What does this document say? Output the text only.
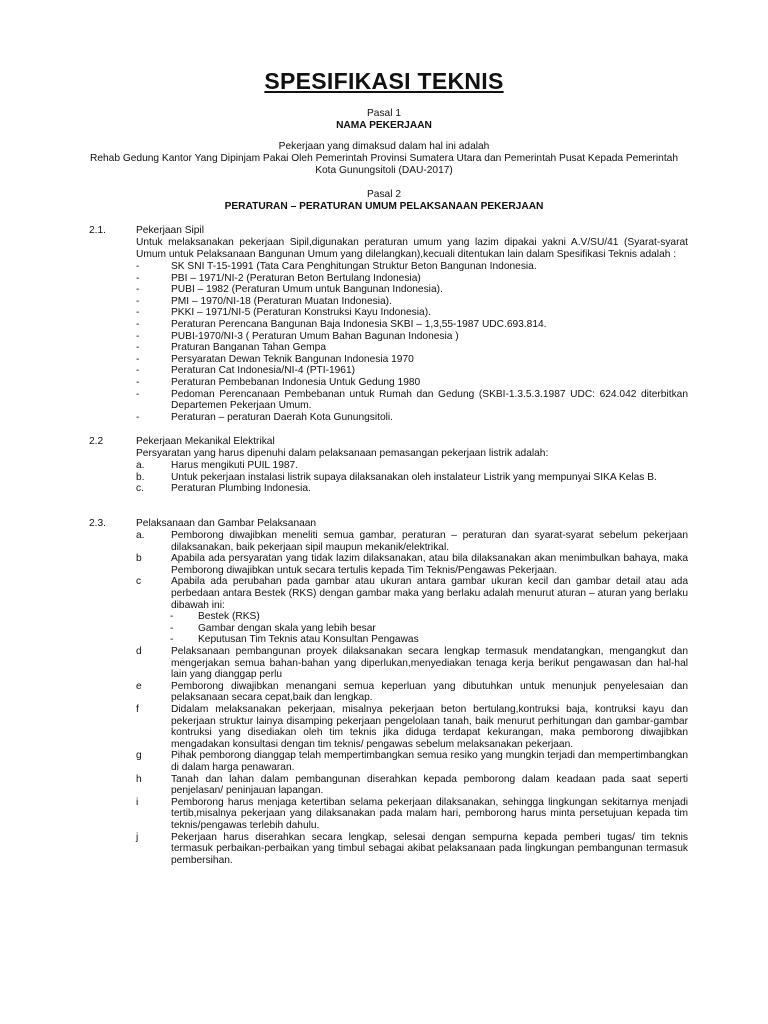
SPESIFIKASI TEKNIS
Pasal 1
NAMA PEKERJAAN
Pekerjaan yang dimaksud dalam hal ini adalah
Rehab Gedung Kantor Yang Dipinjam Pakai Oleh Pemerintah Provinsi Sumatera Utara dan Pemerintah Pusat Kepada Pemerintah
Kota Gunungsitoli (DAU-2017)
Pasal 2
PERATURAN – PERATURAN UMUM PELAKSANAAN PEKERJAAN
2.1.	Pekerjaan Sipil
Untuk melaksanakan pekerjaan Sipil,digunakan peraturan umum yang lazim dipakai yakni A.V/SU/41 (Syarat-syarat Umum untuk Pelaksanaan Bangunan Umum yang dilelangkan),kecuali ditentukan lain dalam Spesifikasi Teknis adalah :
-	SK SNI T-15-1991 (Tata Cara Penghitungan Struktur Beton Bangunan Indonesia.
-	PBI – 1971/NI-2 (Peraturan Beton Bertulang Indonesia)
-	PUBI – 1982 (Peraturan Umum untuk Bangunan Indonesia).
-	PMI – 1970/NI-18 (Peraturan Muatan Indonesia).
-	PKKI – 1971/NI-5 (Peraturan Konstruksi Kayu Indonesia).
-	Peraturan Perencana Bangunan Baja Indonesia SKBI – 1,3,55-1987 UDC.693.814.
-	PUBI-1970/NI-3 ( Peraturan Umum Bahan Bagunan Indonesia )
-	Praturan Banganan Tahan Gempa
-	Persyaratan Dewan Teknik Bangunan Indonesia 1970
-	Peraturan Cat Indonesia/NI-4 (PTI-1961)
-	Peraturan Pembebanan Indonesia Untuk Gedung 1980
-	Pedoman Perencanaan Pembebanan untuk Rumah dan Gedung (SKBI-1.3.5.3.1987 UDC: 624.042 diterbitkan Departemen Pekerjaan Umum.
-	Peraturan – peraturan Daerah Kota Gunungsitoli.
2.2	Pekerjaan Mekanikal Elektrikal
Persyaratan yang harus dipenuhi dalam pelaksanaan pemasangan pekerjaan listrik adalah:
a.	Harus mengikuti PUIL 1987.
b.	Untuk pekerjaan instalasi listrik supaya dilaksanakan oleh instalateur Listrik yang mempunyai SIKA Kelas B.
c.	Peraturan Plumbing Indonesia.
2.3.	Pelaksanaan dan Gambar Pelaksanaan
a.	Pemborong diwajibkan meneliti semua gambar, peraturan – peraturan dan syarat-syarat sebelum pekerjaan dilaksanakan, baik pekerjaan sipil maupun mekanik/elektrikal.
b	Apabila ada persyaratan yang tidak lazim dilaksanakan, atau bila dilaksanakan akan menimbulkan bahaya, maka Pemborong diwajibkan untuk secara tertulis kepada Tim Teknis/Pengawas Pekerjaan.
c	Apabila ada perubahan pada gambar atau ukuran antara gambar ukuran kecil dan gambar detail atau ada perbedaan antara Bestek (RKS) dengan gambar maka yang berlaku adalah menurut aturan – aturan yang berlaku dibawah ini:
- Bestek (RKS)
- Gambar dengan skala yang lebih besar
- Keputusan Tim Teknis atau Konsultan Pengawas
d	Pelaksanaan pembangunan proyek dilaksanakan secara lengkap termasuk mendatangkan, mengangkut dan mengerjakan semua bahan-bahan yang diperlukan,menyediakan tenaga kerja berikut pengawasan dan hal-hal lain yang dianggap perlu
e	Pemborong diwajibkan menangani semua keperluan yang dibutuhkan untuk menunjuk penyelesaian dan pelaksanaan secara cepat,baik dan lengkap.
f	Didalam melaksanakan pekerjaan, misalnya pekerjaan beton bertulang,kontruksi baja, kontruksi kayu dan pekerjaan struktur lainya disamping pekerjaan pengelolaan tanah, baik menurut perhitungan dan gambar-gambar kontruksi yang disediakan oleh tim teknis jika diduga terdapat kekurangan, maka pemborong diwajibkan mengadakan konsultasi dengan tim teknis/ pengawas sebelum melaksanakan pekerjaan.
g	Pihak pemborong dianggap telah mempertimbangkan semua resiko yang mungkin terjadi dan mempertimbangkan di dalam harga penawaran.
h	Tanah dan lahan dalam pembangunan diserahkan kepada pemborong dalam keadaan pada saat seperti penjelasan/ peninjauan lapangan.
i	Pemborong harus menjaga ketertiban selama pekerjaan dilaksanakan, sehingga lingkungan sekitarnya menjadi tertib,misalnya pekerjaan yang dilaksanakan pada malam hari, pemborong harus minta persetujuan kepada tim teknis/pengawas terlebih dahulu.
j	Pekerjaan harus diserahkan secara lengkap, selesai dengan sempurna kepada pemberi tugas/ tim teknis termasuk perbaikan-perbaikan yang timbul sebagai akibat pelaksanaan pada lingkungan pembangunan termasuk pembersihan.
